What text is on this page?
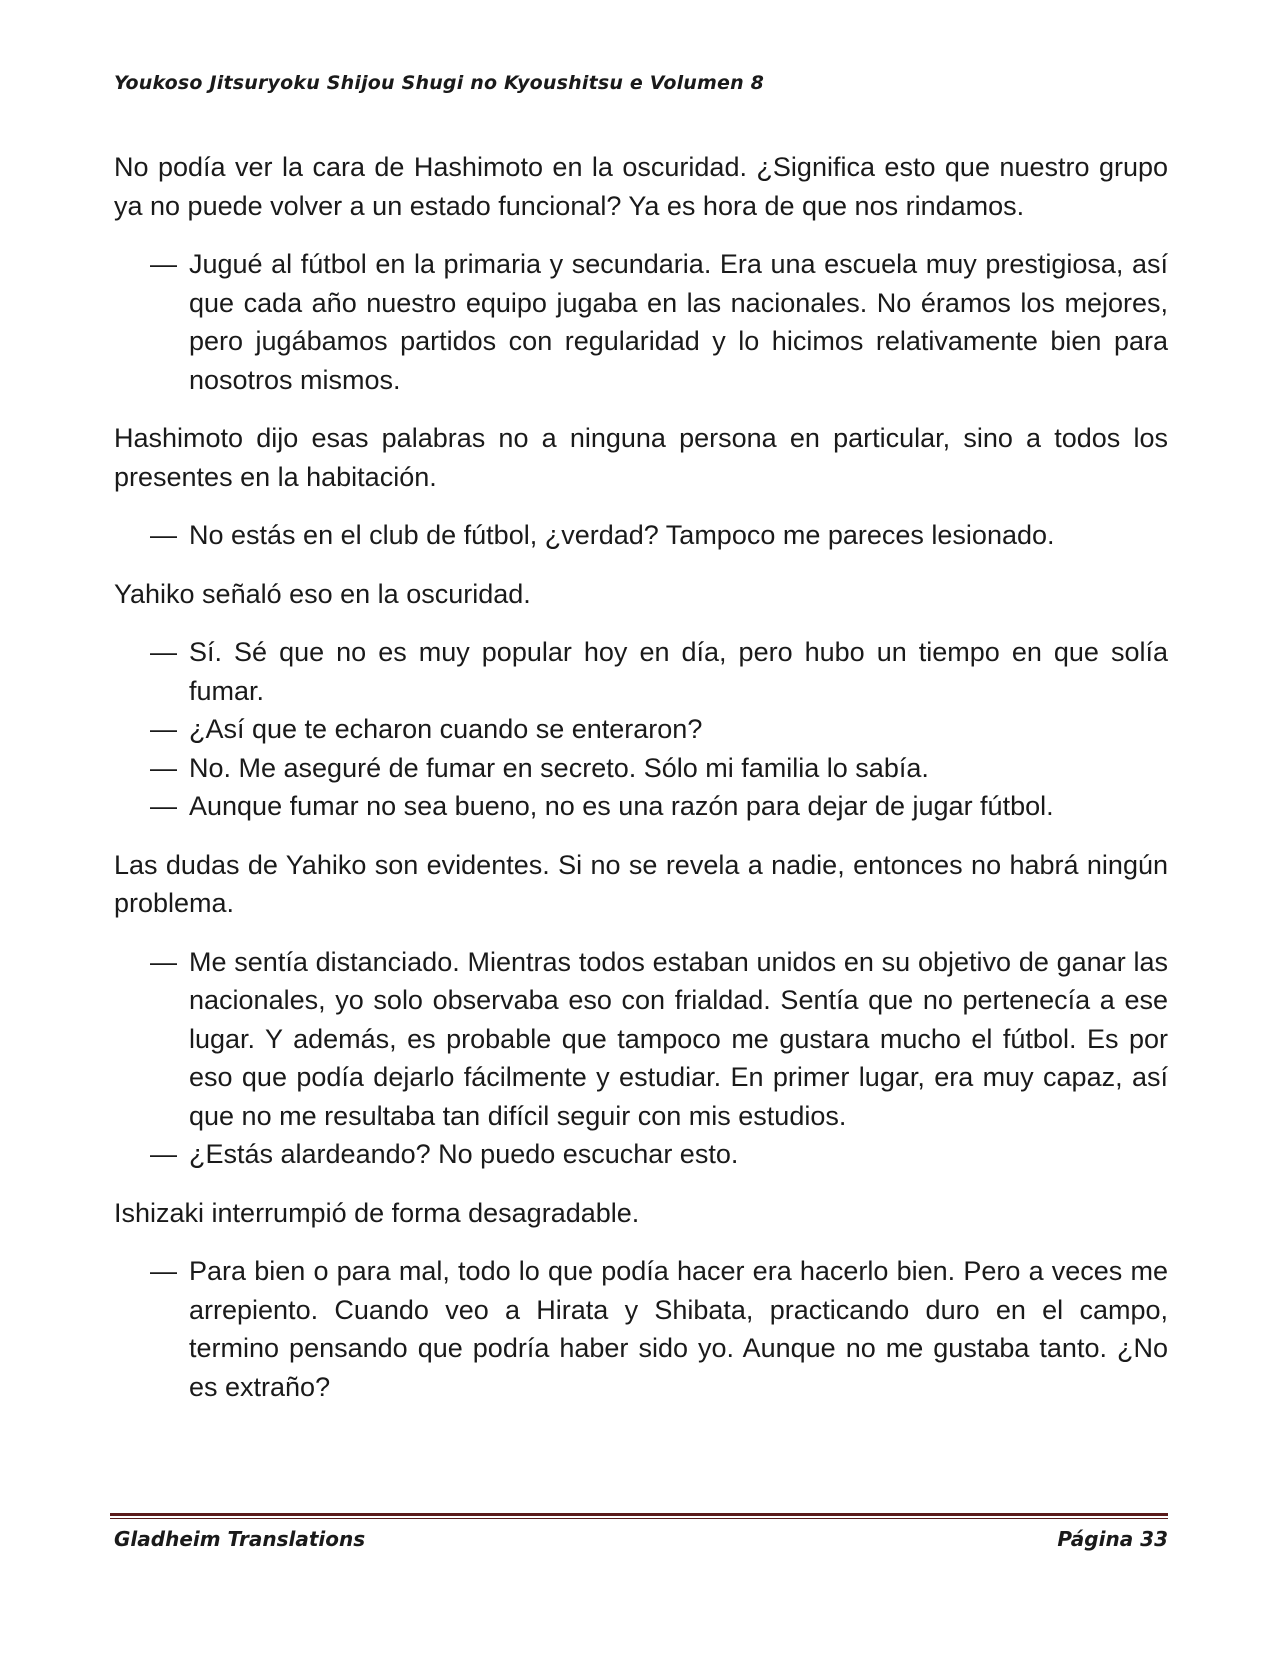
Youkoso Jitsuryoku Shijou Shugi no Kyoushitsu e Volumen 8

No podía ver la cara de Hashimoto en la oscuridad. ¿Significa esto que nuestro grupo ya no puede volver a un estado funcional? Ya es hora de que nos rindamos.

— Jugué al fútbol en la primaria y secundaria. Era una escuela muy prestigiosa, así que cada año nuestro equipo jugaba en las nacionales. No éramos los mejores, pero jugábamos partidos con regularidad y lo hicimos relativamente bien para nosotros mismos.

Hashimoto dijo esas palabras no a ninguna persona en particular, sino a todos los presentes en la habitación.

— No estás en el club de fútbol, ¿verdad? Tampoco me pareces lesionado.

Yahiko señaló eso en la oscuridad.

— Sí. Sé que no es muy popular hoy en día, pero hubo un tiempo en que solía fumar.

— ¿Así que te echaron cuando se enteraron?

— No. Me aseguré de fumar en secreto. Sólo mi familia lo sabía.

— Aunque fumar no sea bueno, no es una razón para dejar de jugar fútbol.

Las dudas de Yahiko son evidentes. Si no se revela a nadie, entonces no habrá ningún problema.

— Me sentía distanciado. Mientras todos estaban unidos en su objetivo de ganar las nacionales, yo solo observaba eso con frialdad. Sentía que no pertenecía a ese lugar. Y además, es probable que tampoco me gustara mucho el fútbol. Es por eso que podía dejarlo fácilmente y estudiar. En primer lugar, era muy capaz, así que no me resultaba tan difícil seguir con mis estudios.

— ¿Estás alardeando? No puedo escuchar esto.

Ishizaki interrumpió de forma desagradable.

— Para bien o para mal, todo lo que podía hacer era hacerlo bien. Pero a veces me arrepiento. Cuando veo a Hirata y Shibata, practicando duro en el campo, termino pensando que podría haber sido yo. Aunque no me gustaba tanto. ¿No es extraño?

Gladheim Translations	Página 33
